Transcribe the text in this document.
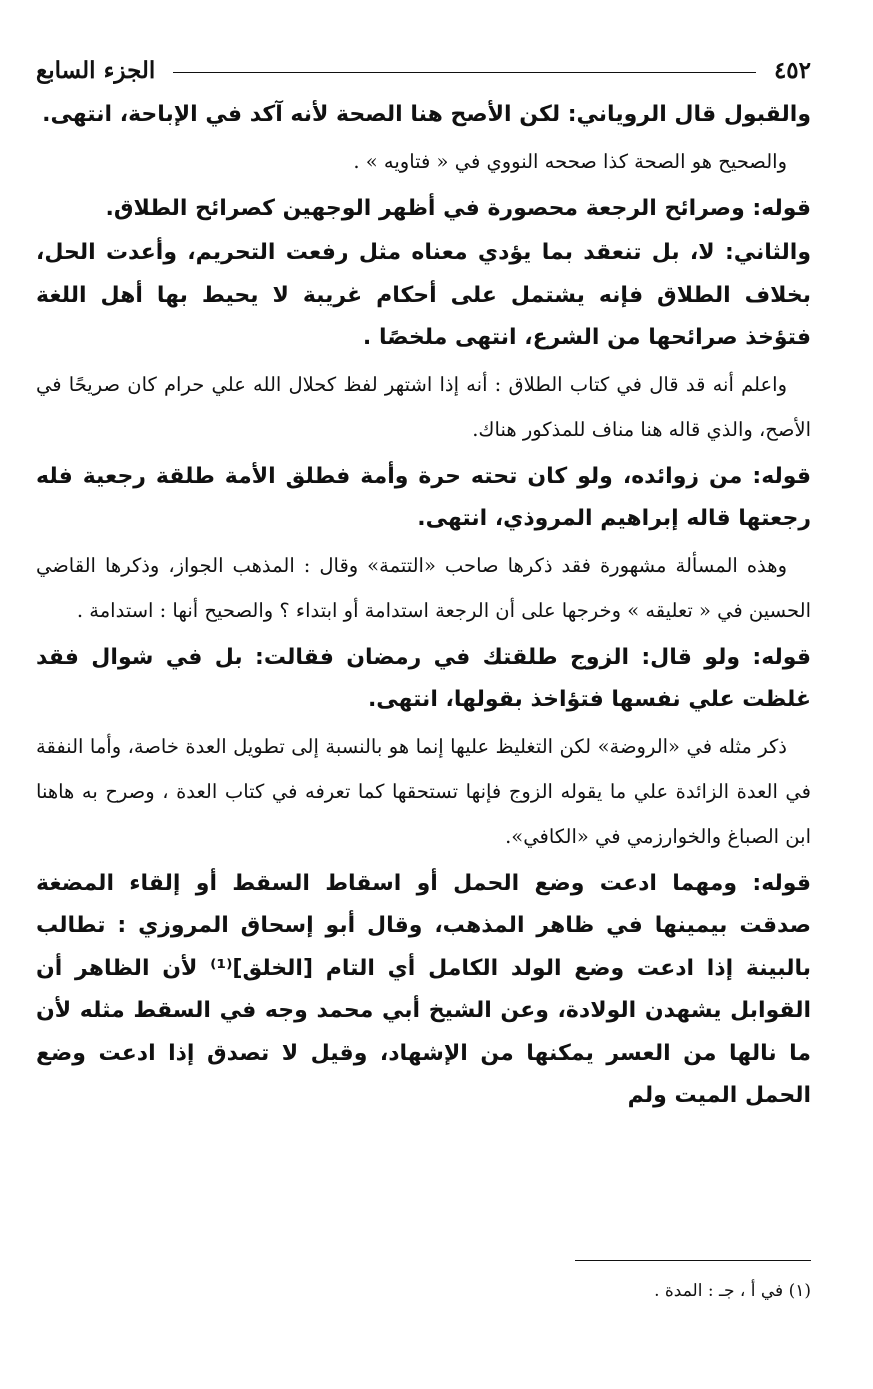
٤٥٢
الجزء السابع

والقبول قال الروياني: لكن الأصح هنا الصحة لأنه آكد في الإباحة، انتهى.

والصحيح هو الصحة كذا صححه النووي في « فتاويه » .

قوله: وصرائح الرجعة محصورة في أظهر الوجهين كصرائح الطلاق.

والثاني: لا، بل تنعقد بما يؤدي معناه مثل رفعت التحريم، وأعدت الحل، بخلاف الطلاق فإنه يشتمل على أحكام غريبة لا يحيط بها أهل اللغة فتؤخذ صرائحها من الشرع، انتهى ملخصًا .

واعلم أنه قد قال في كتاب الطلاق : أنه إذا اشتهر لفظ كحلال الله علي حرام كان صريحًا في الأصح، والذي قاله هنا مناف للمذكور هناك.

قوله: من زوائده، ولو كان تحته حرة وأمة فطلق الأمة طلقة رجعية فله رجعتها قاله إبراهيم المروذي، انتهى.

وهذه المسألة مشهورة فقد ذكرها صاحب «التتمة» وقال : المذهب الجواز، وذكرها القاضي الحسين في « تعليقه » وخرجها على أن الرجعة استدامة أو ابتداء ؟ والصحيح أنها : استدامة .

قوله: ولو قال: الزوج طلقتك في رمضان فقالت: بل في شوال فقد غلظت علي نفسها فتؤاخذ بقولها، انتهى.

ذكر مثله في «الروضة» لكن التغليظ عليها إنما هو بالنسبة إلى تطويل العدة خاصة، وأما النفقة في العدة الزائدة علي ما يقوله الزوج فإنها تستحقها كما تعرفه في كتاب العدة ، وصرح به هاهنا ابن الصباغ والخوارزمي في «الكافي».

قوله: ومهما ادعت وضع الحمل أو اسقاط السقط أو إلقاء المضغة صدقت بيمينها في ظاهر المذهب، وقال أبو إسحاق المروزي : تطالب بالبينة إذا ادعت وضع الولد الكامل أي التام [الخلق]⁽¹⁾ لأن الظاهر أن القوابل يشهدن الولادة، وعن الشيخ أبي محمد وجه في السقط مثله لأن ما نالها من العسر يمكنها من الإشهاد، وقيل لا تصدق إذا ادعت وضع الحمل الميت ولم

(١) في أ ، جـ : المدة .
